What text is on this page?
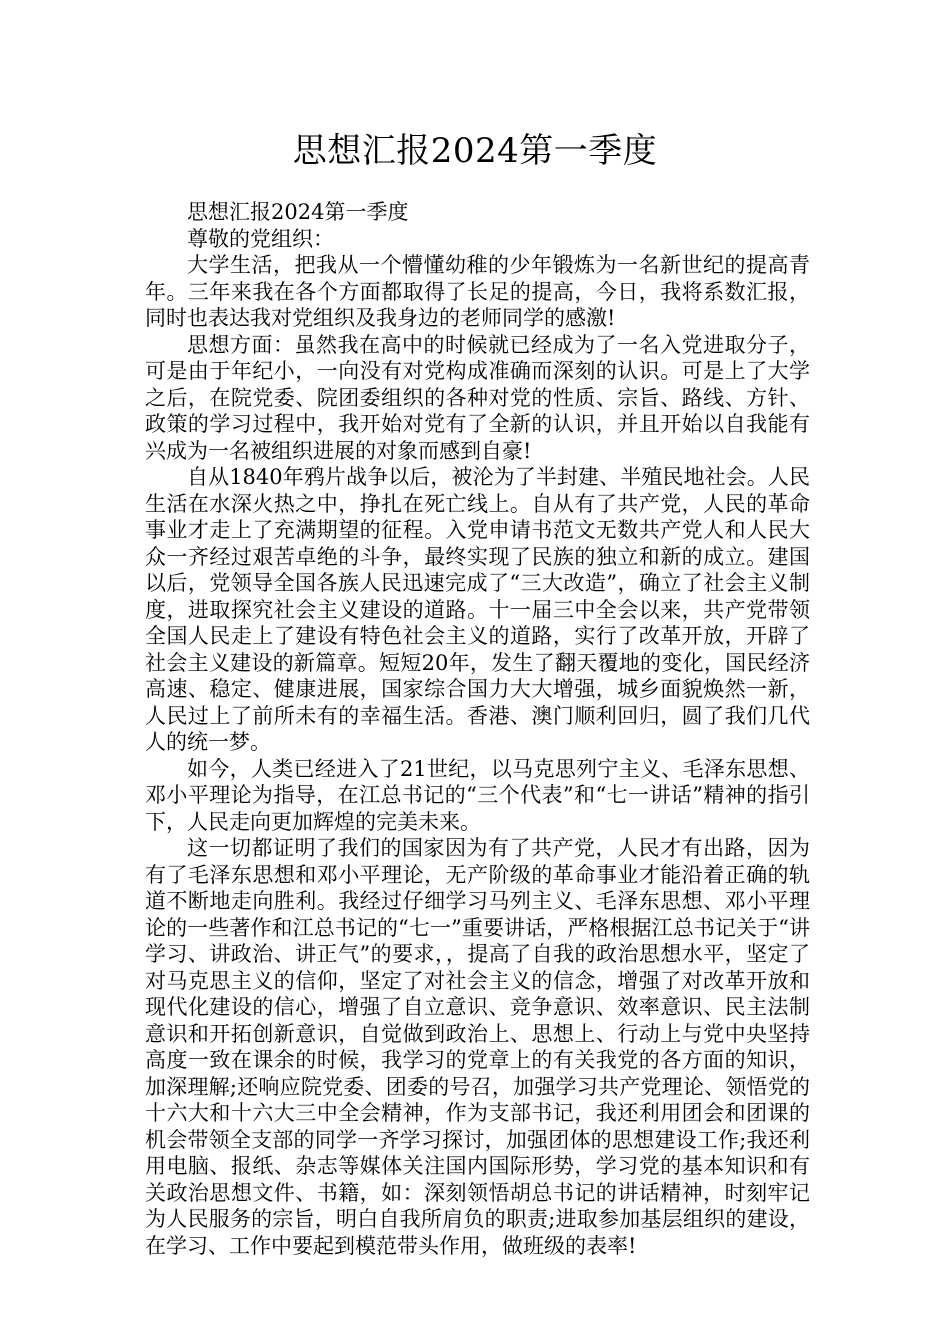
思想汇报2024第一季度

思想汇报2024第一季度

尊敬的党组织：

大学生活，把我从一个懵懂幼稚的少年锻炼为一名新世纪的提高青年。三年来我在各个方面都取得了长足的提高，今日，我将系数汇报，同时也表达我对党组织及我身边的老师同学的感激!

思想方面：虽然我在高中的时候就已经成为了一名入党进取分子，可是由于年纪小，一向没有对党构成准确而深刻的认识。可是上了大学之后，在院党委、院团委组织的各种对党的性质、宗旨、路线、方针、政策的学习过程中，我开始对党有了全新的认识，并且开始以自我能有兴成为一名被组织进展的对象而感到自豪!

自从1840年鸦片战争以后，被沦为了半封建、半殖民地社会。人民生活在水深火热之中，挣扎在死亡线上。自从有了共产党，人民的革命事业才走上了充满期望的征程。入党申请书范文无数共产党人和人民大众一齐经过艰苦卓绝的斗争，最终实现了民族的独立和新的成立。建国以后，党领导全国各族人民迅速完成了“三大改造”，确立了社会主义制度，进取探究社会主义建设的道路。十一届三中全会以来，共产党带领全国人民走上了建设有特色社会主义的道路，实行了改革开放，开辟了社会主义建设的新篇章。短短20年，发生了翻天覆地的变化，国民经济高速、稳定、健康进展，国家综合国力大大增强，城乡面貌焕然一新，人民过上了前所未有的幸福生活。香港、澳门顺利回归，圆了我们几代人的统一梦。

如今，人类已经进入了21世纪，以马克思列宁主义、毛泽东思想、邓小平理论为指导，在江总书记的“三个代表”和“七一讲话”精神的指引下，人民走向更加辉煌的完美未来。

这一切都证明了我们的国家因为有了共产党，人民才有出路，因为有了毛泽东思想和邓小平理论，无产阶级的革命事业才能沿着正确的轨道不断地走向胜利。我经过仔细学习马列主义、毛泽东思想、邓小平理论的一些著作和江总书记的“七一”重要讲话，严格根据江总书记关于“讲学习、讲政治、讲正气”的要求，，提高了自我的政治思想水平，坚定了对马克思主义的信仰，坚定了对社会主义的信念，增强了对改革开放和现代化建设的信心，增强了自立意识、竞争意识、效率意识、民主法制意识和开拓创新意识，自觉做到政治上、思想上、行动上与党中央坚持高度一致在课余的时候，我学习的党章上的有关我党的各方面的知识，加深理解;还响应院党委、团委的号召，加强学习共产党理论、领悟党的十六大和十六大三中全会精神，作为支部书记，我还利用团会和团课的机会带领全支部的同学一齐学习探讨，加强团体的思想建设工作;我还利用电脑、报纸、杂志等媒体关注国内国际形势，学习党的基本知识和有关政治思想文件、书籍，如：深刻领悟胡总书记的讲话精神，时刻牢记为人民服务的宗旨，明白自我所肩负的职责;进取参加基层组织的建设，在学习、工作中要起到模范带头作用，做班级的表率!
